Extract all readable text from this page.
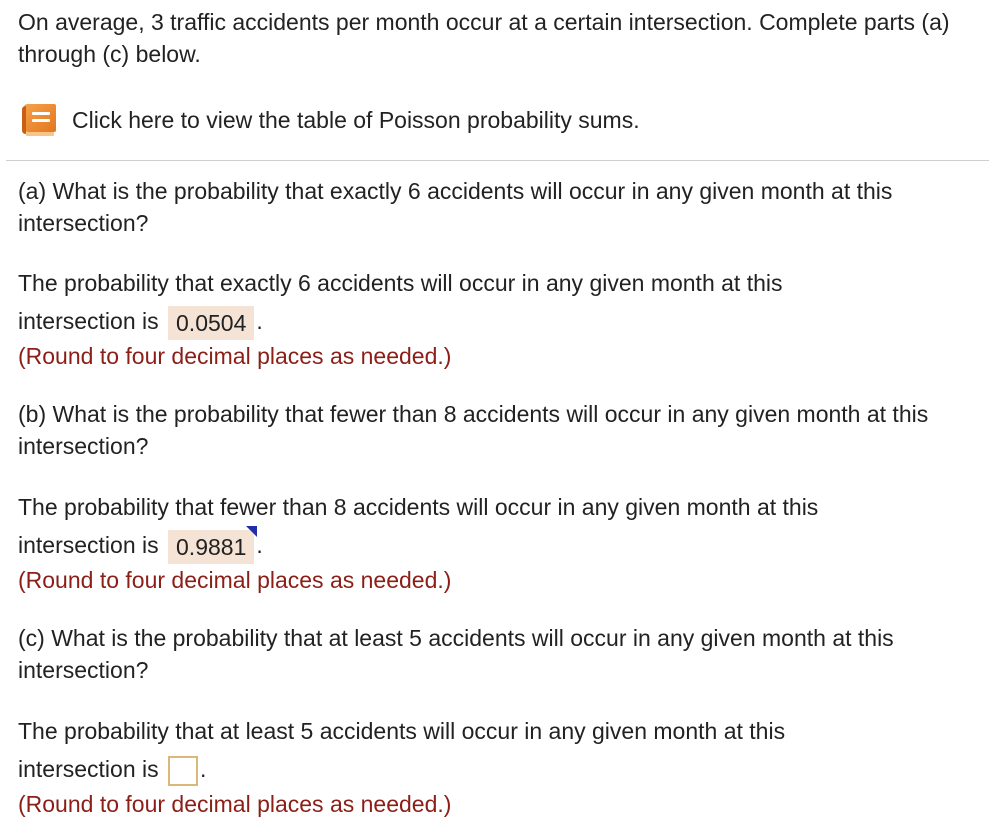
On average, 3 traffic accidents per month occur at a certain intersection. Complete parts (a) through (c) below.
Click here to view the table of Poisson probability sums.
(a) What is the probability that exactly 6 accidents will occur in any given month at this intersection?
The probability that exactly 6 accidents will occur in any given month at this
intersection is 0.0504 .
(Round to four decimal places as needed.)
(b) What is the probability that fewer than 8 accidents will occur in any given month at this intersection?
The probability that fewer than 8 accidents will occur in any given month at this
intersection is 0.9881 .
(Round to four decimal places as needed.)
(c) What is the probability that at least 5 accidents will occur in any given month at this intersection?
The probability that at least 5 accidents will occur in any given month at this
intersection is .
(Round to four decimal places as needed.)
